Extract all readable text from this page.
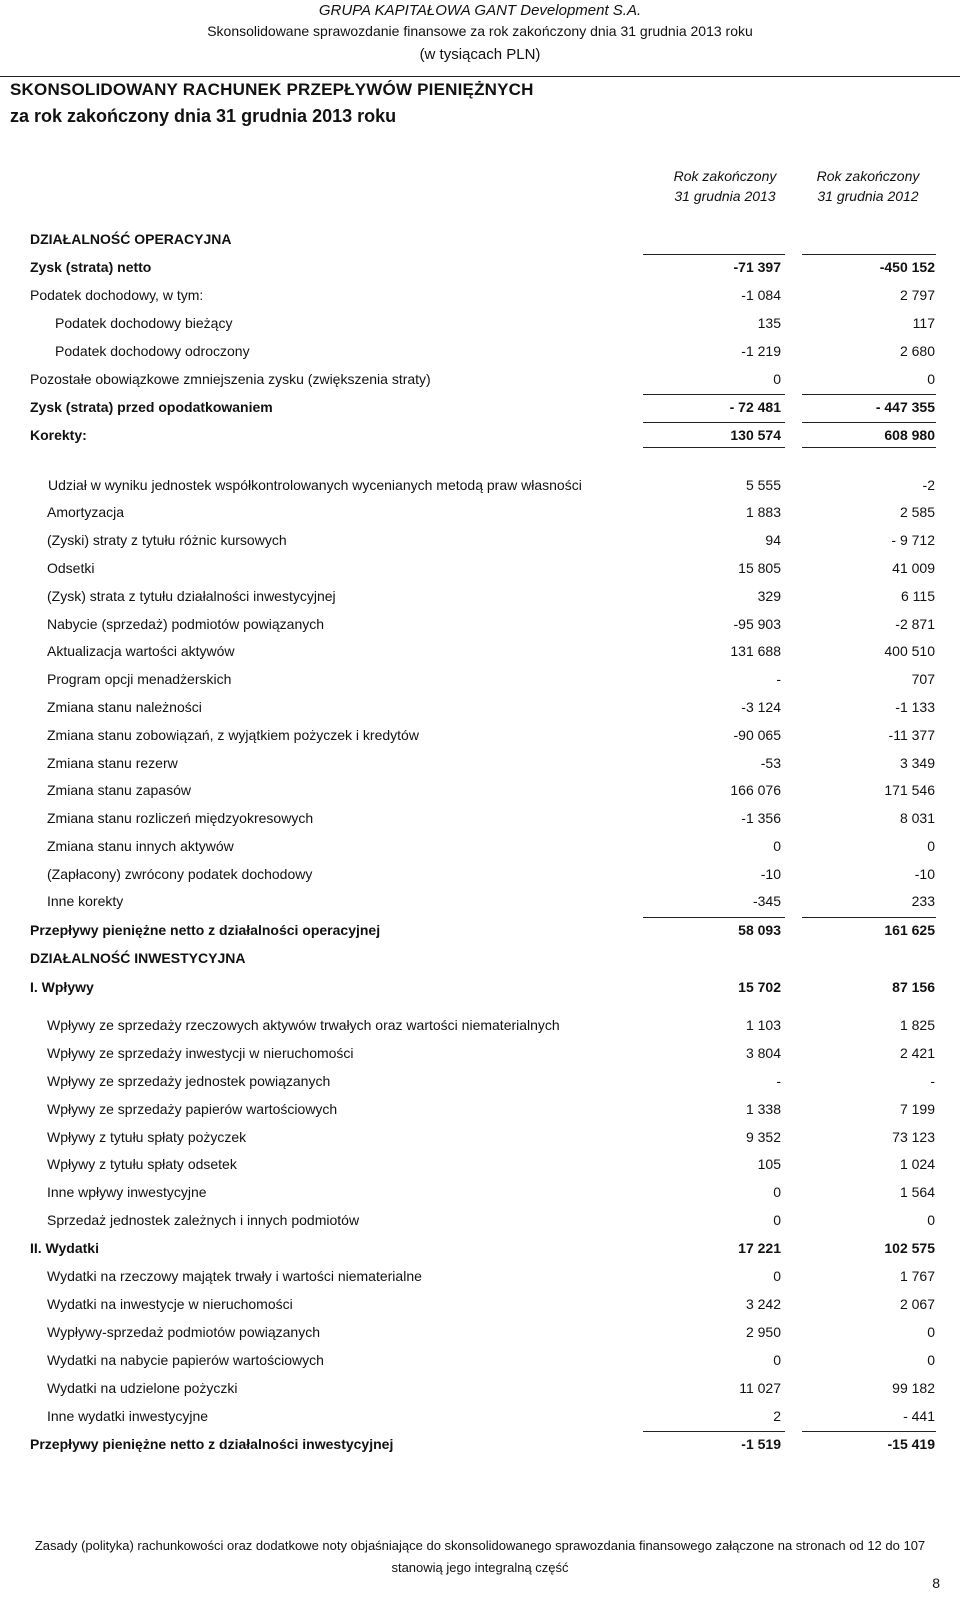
GRUPA KAPITAŁOWA GANT Development S.A.
Skonsolidowane sprawozdanie finansowe za rok zakończony dnia 31 grudnia 2013 roku
(w tysiącach PLN)
SKONSOLIDOWANY RACHUNEK PRZEPŁYWÓW PIENIĘŻNYCH
za rok zakończony dnia 31 grudnia 2013 roku
Rok zakończony
31 grudnia 2013
Rok zakończony
31 grudnia 2012
DZIAŁALNOŚĆ OPERACYJNA
Zysk (strata) netto	-71 397	-450 152
Podatek dochodowy, w tym:	-1 084	2 797
Podatek dochodowy bieżący	135	117
Podatek dochodowy odroczony	-1 219	2 680
Pozostałe obowiązkowe zmniejszenia zysku (zwiększenia straty)	0	0
Zysk (strata) przed opodatkowaniem	- 72 481	- 447 355
Korekty:	130 574	608 980
Udział w wyniku jednostek współkontrolowanych wycenianych metodą praw własności	5 555	-2
Amortyzacja	1 883	2 585
(Zyski) straty z tytułu różnic kursowych	94	- 9 712
Odsetki	15 805	41 009
(Zysk) strata z tytułu działalności inwestycyjnej	329	6 115
Nabycie (sprzedaż) podmiotów powiązanych	-95 903	-2 871
Aktualizacja wartości aktywów	131 688	400 510
Program opcji menadżerskich	-	707
Zmiana stanu należności	-3 124	-1 133
Zmiana stanu zobowiązań, z wyjątkiem pożyczek i kredytów	-90 065	-11 377
Zmiana stanu rezerw	-53	3 349
Zmiana stanu zapasów	166 076	171 546
Zmiana stanu rozliczeń międzyokresowych	-1 356	8 031
Zmiana stanu innych aktywów	0	0
(Zapłacony) zwrócony podatek dochodowy	-10	-10
Inne korekty	-345	233
Przepływy pieniężne netto z działalności operacyjnej	58 093	161 625
DZIAŁALNOŚĆ INWESTYCYJNA
I. Wpływy	15 702	87 156
Wpływy ze sprzedaży rzeczowych aktywów trwałych oraz wartości niematerialnych	1 103	1 825
Wpływy ze sprzedaży inwestycji w nieruchomości	3 804	2 421
Wpływy ze sprzedaży jednostek powiązanych	-	-
Wpływy ze sprzedaży papierów wartościowych	1 338	7 199
Wpływy z tytułu spłaty pożyczek	9 352	73 123
Wpływy z tytułu spłaty odsetek	105	1 024
Inne wpływy inwestycyjne	0	1 564
Sprzedaż jednostek zależnych i innych podmiotów	0	0
II. Wydatki	17 221	102 575
Wydatki na rzeczowy majątek trwały i wartości niematerialne	0	1 767
Wydatki na inwestycje w nieruchomości	3 242	2 067
Wypływy-sprzedaż podmiotów powiązanych	2 950	0
Wydatki na nabycie papierów wartościowych	0	0
Wydatki na udzielone pożyczki	11 027	99 182
Inne wydatki inwestycyjne	2	- 441
Przepływy pieniężne netto z działalności inwestycyjnej	-1 519	-15 419
Zasady (polityka) rachunkowości oraz dodatkowe noty objaśniające do skonsolidowanego sprawozdania finansowego załączone na stronach od 12 do 107
stanowią jego integralną część
8
